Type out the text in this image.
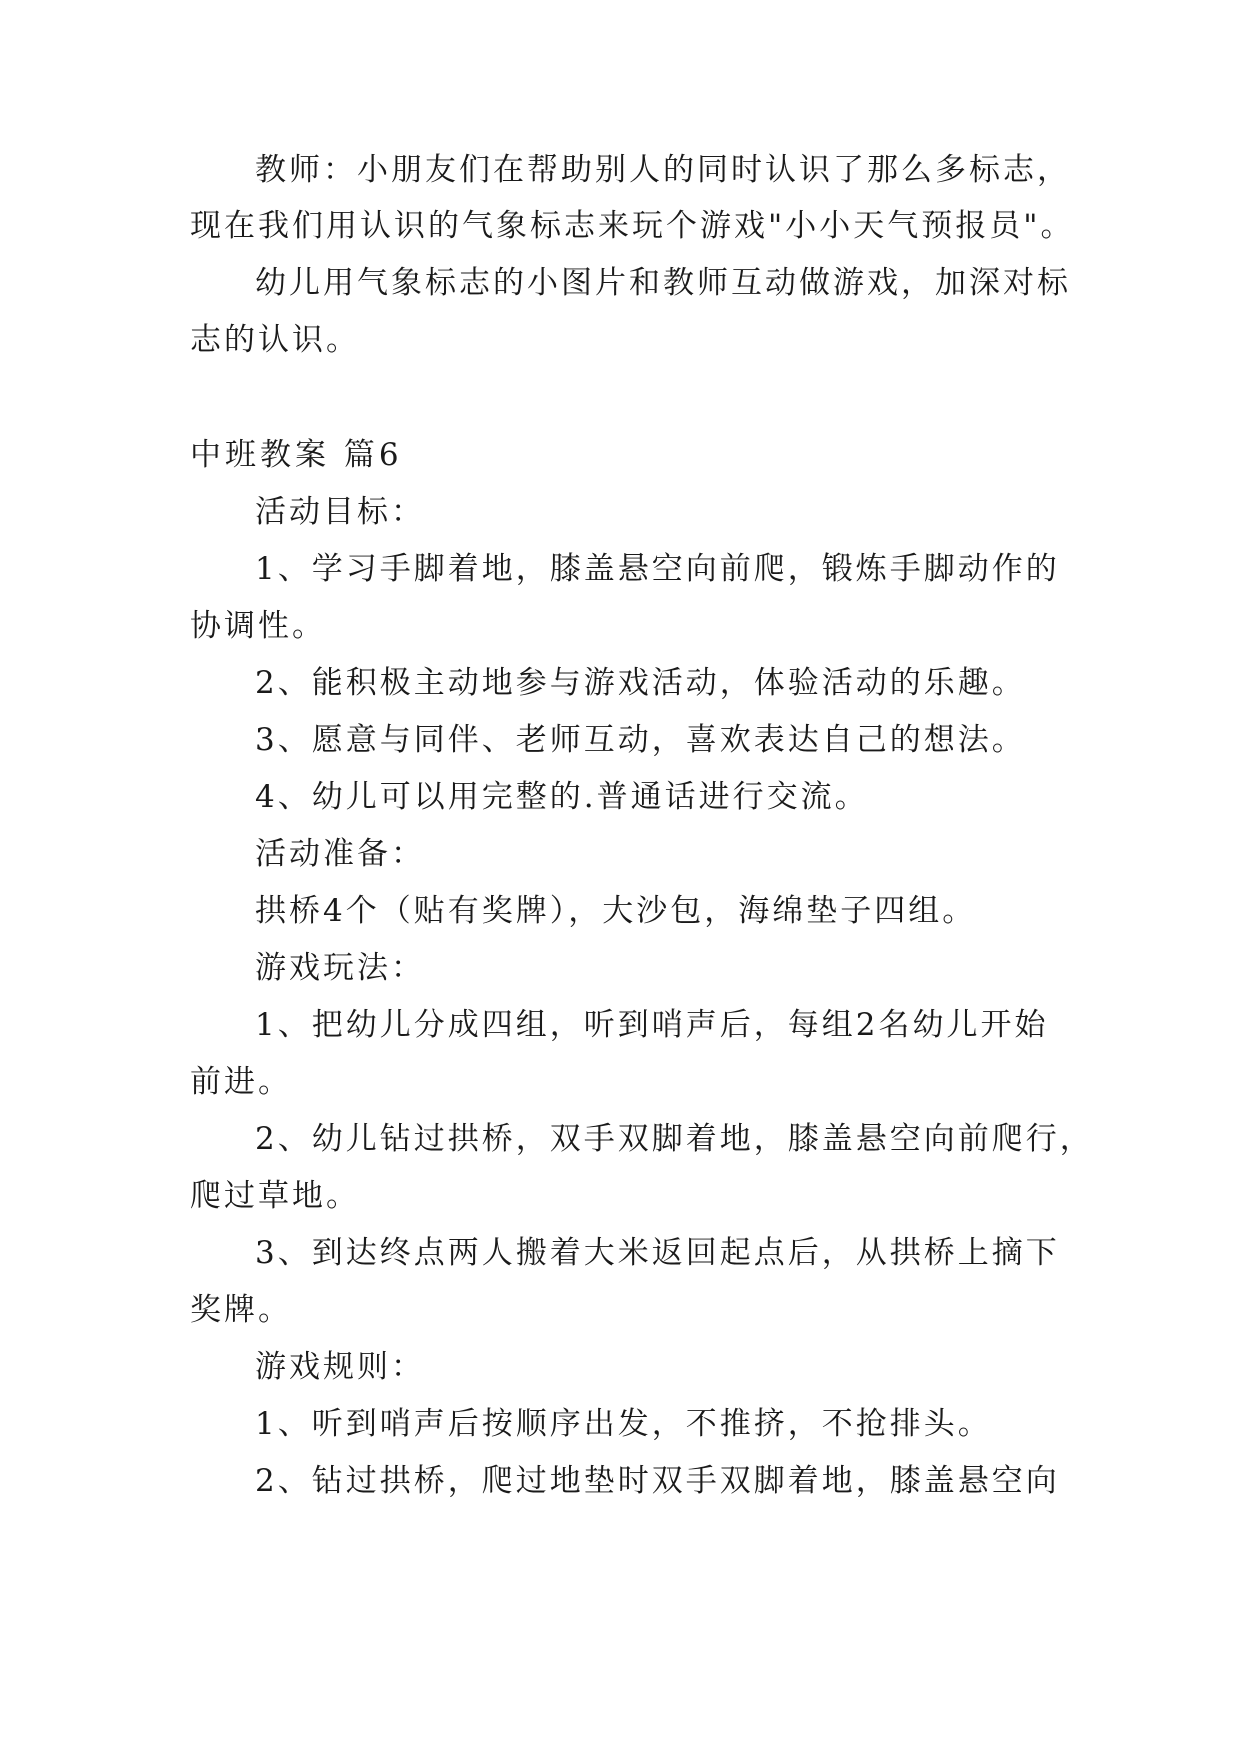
教师：小朋友们在帮助别人的同时认识了那么多标志，
现在我们用认识的气象标志来玩个游戏"小小天气预报员"。
幼儿用气象标志的小图片和教师互动做游戏，加深对标
志的认识。
中班教案 篇6
活动目标：
1、学习手脚着地，膝盖悬空向前爬，锻炼手脚动作的
协调性。
2、能积极主动地参与游戏活动，体验活动的乐趣。
3、愿意与同伴、老师互动，喜欢表达自己的想法。
4、幼儿可以用完整的.普通话进行交流。
活动准备：
拱桥4个（贴有奖牌），大沙包，海绵垫子四组。
游戏玩法：
1、把幼儿分成四组，听到哨声后，每组2名幼儿开始
前进。
2、幼儿钻过拱桥，双手双脚着地，膝盖悬空向前爬行，
爬过草地。
3、到达终点两人搬着大米返回起点后，从拱桥上摘下
奖牌。
游戏规则：
1、听到哨声后按顺序出发，不推挤，不抢排头。
2、钻过拱桥，爬过地垫时双手双脚着地，膝盖悬空向
